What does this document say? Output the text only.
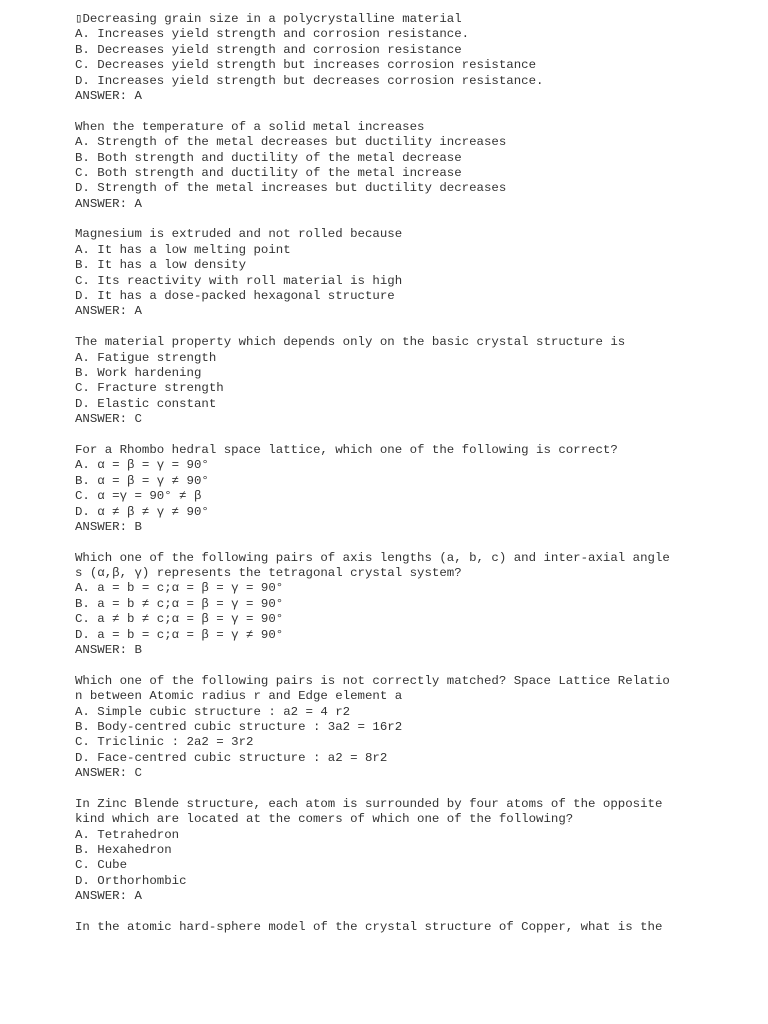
▯Decreasing grain size in a polycrystalline material
A. Increases yield strength and corrosion resistance.
B. Decreases yield strength and corrosion resistance
C. Decreases yield strength but increases corrosion resistance
D. Increases yield strength but decreases corrosion resistance.
ANSWER: A
When the temperature of a solid metal increases
A. Strength of the metal decreases but ductility increases
B. Both strength and ductility of the metal decrease
C. Both strength and ductility of the metal increase
D. Strength of the metal increases but ductility decreases
ANSWER: A
Magnesium is extruded and not rolled because
A. It has a low melting point
B. It has a low density
C. Its reactivity with roll material is high
D. It has a dose-packed hexagonal structure
ANSWER: A
The material property which depends only on the basic crystal structure is
A. Fatigue strength
B. Work hardening
C. Fracture strength
D. Elastic constant
ANSWER: C
For a Rhombo hedral space lattice, which one of the following is correct?
A. α = β = γ = 90°
B. α = β = γ ≠ 90°
C. α =γ = 90° ≠ β
D. α ≠ β ≠ γ ≠ 90°
ANSWER: B
Which one of the following pairs of axis lengths (a, b, c) and inter-axial angle
s (α,β, γ) represents the tetragonal crystal system?
A. a = b = c;α = β = γ = 90°
B. a = b ≠ c;α = β = γ = 90°
C. a ≠ b ≠ c;α = β = γ = 90°
D. a = b = c;α = β = γ ≠ 90°
ANSWER: B
Which one of the following pairs is not correctly matched? Space Lattice Relatio
n between Atomic radius r and Edge element a
A. Simple cubic structure : a2 = 4 r2
B. Body-centred cubic structure : 3a2 = 16r2
C. Triclinic : 2a2 = 3r2
D. Face-centred cubic structure : a2 = 8r2
ANSWER: C
In Zinc Blende structure, each atom is surrounded by four atoms of the opposite
kind which are located at the comers of which one of the following?
A. Tetrahedron
B. Hexahedron
C. Cube
D. Orthorhombic
ANSWER: A
In the atomic hard-sphere model of the crystal structure of Copper, what is the
